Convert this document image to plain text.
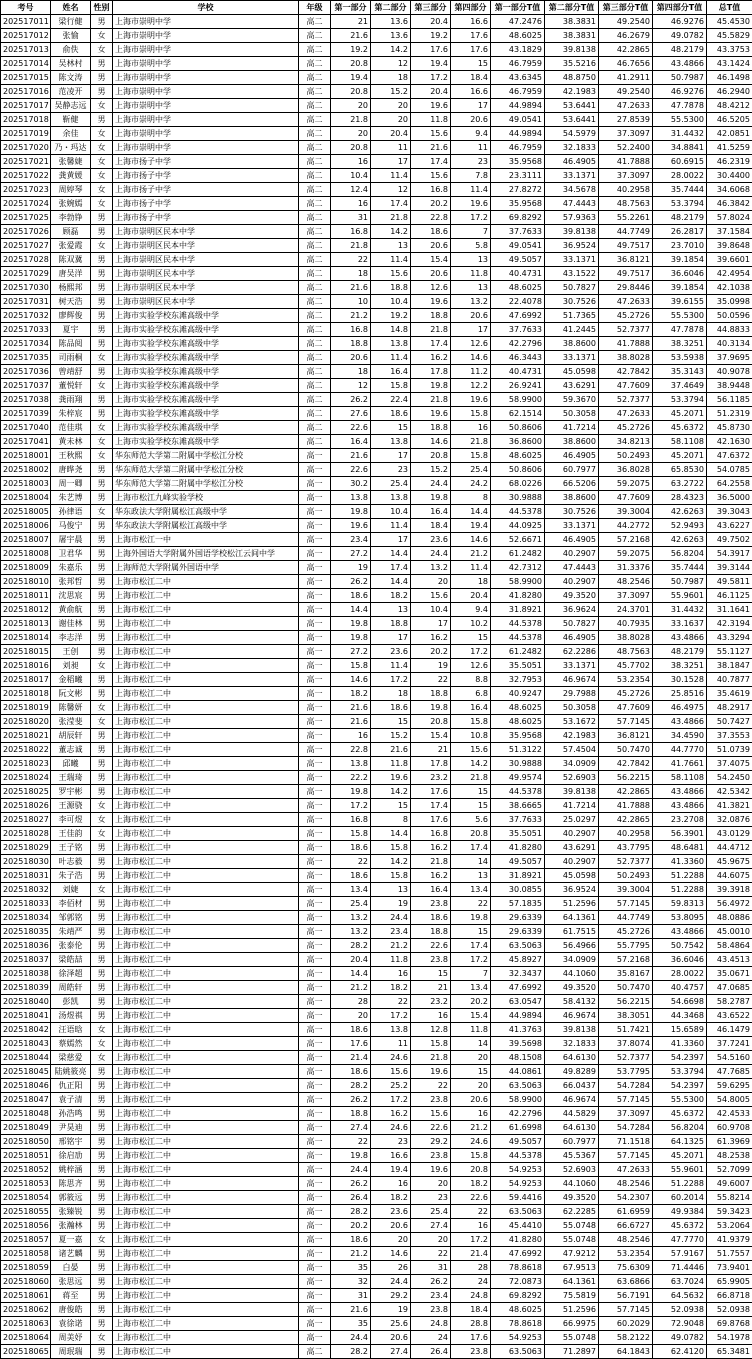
考号	姓名	性别	学校	年级	第一部分	第二部分	第三部分	第四部分	第一部分T值	第二部分T值	第三部分T值	第四部分T值	总T值
202517011	梁行健	男	上海市崇明中学	高二	21	13.6	20.4	16.6	47.2476	38.3831	49.2540	46.9276	45.4530
202517012	张愉	女	上海市崇明中学	高二	21.6	13.6	19.2	17.6	48.6025	38.3831	46.2679	49.0782	45.5829
202517013	俞佚	女	上海市崇明中学	高二	19.2	14.2	17.6	17.6	43.1829	39.8138	42.2865	48.2179	43.3753
202517014	吴林村	男	上海市崇明中学	高二	20.8	12	19.4	15	46.7959	35.5216	46.7656	43.4866	43.1424
202517015	陈文涛	男	上海市崇明中学	高二	19.4	18	17.2	18.4	43.6345	48.8750	41.2911	50.7987	46.1498
202517016	范凌开	男	上海市崇明中学	高二	20.8	15.2	20.4	16.6	46.7959	42.1983	49.2540	46.9276	46.2940
202517017	吴静志远	女	上海市崇明中学	高二	20	20	19.6	17	44.9894	53.6441	47.2633	47.7878	48.4212
202517018	靳健	男	上海市崇明中学	高二	21.8	20	11.8	20.6	49.0541	53.6441	27.8539	55.5300	46.5205
202517019	余佳	女	上海市崇明中学	高二	20	20.4	15.6	9.4	44.9894	54.5979	37.3097	31.4432	42.0851
202517020	乃・玛达	女	上海市崇明中学	高二	20.8	11	21.6	11	46.7959	32.1833	52.2400	34.8841	41.5259
202517021	张馨婕	女	上海市扬子中学	高二	16	17	17.4	23	35.9568	46.4905	41.7888	60.6915	46.2319
202517022	龚黄媛	女	上海市扬子中学	高二	10.4	11.4	15.6	7.8	23.3111	33.1371	37.3097	28.0022	30.4400
202517023	周婷琴	女	上海市扬子中学	高二	12.4	12	16.8	11.4	27.8272	34.5678	40.2958	35.7444	34.6068
202517024	张婉嫣	女	上海市扬子中学	高二	16	17.4	20.2	19.6	35.9568	47.4443	48.7563	53.3794	46.3842
202517025	李勃铮	男	上海市扬子中学	高二	31	21.8	22.8	17.2	69.8292	57.9363	55.2261	48.2179	57.8024
202517026	顾磊	男	上海市崇明区民本中学	高二	16.8	14.2	18.6	7	37.7633	39.8138	44.7749	26.2817	37.1584
202517027	张爱霞	女	上海市崇明区民本中学	高二	21.8	13	20.6	5.8	49.0541	36.9524	49.7517	23.7010	39.8648
202517028	陈双冀	男	上海市崇明区民本中学	高二	22	11.4	15.4	13	49.5057	33.1371	36.8121	39.1854	39.6601
202517029	唐吴洋	男	上海市崇明区民本中学	高二	18	15.6	20.6	11.8	40.4731	43.1522	49.7517	36.6046	42.4954
202517030	杨熙邦	男	上海市崇明区民本中学	高二	21.6	18.8	12.6	13	48.6025	50.7827	29.8446	39.1854	42.1038
202517031	树天浩	男	上海市崇明区民本中学	高二	10	10.4	19.6	13.2	22.4078	30.7526	47.2633	39.6155	35.0998
202517032	廖辉俊	男	上海市实验学校东滩高级中学	高二	21.2	19.2	18.8	20.6	47.6992	51.7365	45.2726	55.5300	50.0596
202517033	夏宇	男	上海市实验学校东滩高级中学	高二	16.8	14.8	21.8	17	37.7633	41.2445	52.7377	47.7878	44.8833
202517034	陈品阅	男	上海市实验学校东滩高级中学	高二	18.8	13.8	17.4	12.6	42.2796	38.8600	41.7888	38.3251	40.3134
202517035	司雨桐	女	上海市实验学校东滩高级中学	高二	20.6	11.4	16.2	14.6	46.3443	33.1371	38.8028	53.5938	37.9695
202517036	曾靖舒	男	上海市实验学校东滩高级中学	高二	18	16.4	17.8	11.2	40.4731	45.0598	42.7842	35.3143	40.9078
202517037	董悦轩	女	上海市实验学校东滩高级中学	高二	12	15.8	19.8	12.2	26.9241	43.6291	47.7609	37.4649	38.9448
202517038	龚雨翔	男	上海市实验学校东滩高级中学	高二	26.2	22.4	21.8	19.6	58.9900	59.3670	52.7377	53.3794	56.1185
202517039	朱梓宸	男	上海市实验学校东滩高级中学	高二	27.6	18.6	19.6	15.8	62.1514	50.3058	47.2633	45.2071	51.2319
202517040	范佳琪	女	上海市实验学校东滩高级中学	高二	22.6	15	18.8	16	50.8606	41.7214	45.2726	45.6372	45.8730
202517041	黄未林	女	上海市实验学校东滩高级中学	高二	16.4	13.8	14.6	21.8	36.8600	38.8600	34.8213	58.1108	42.1630
202518001	王秋熙	女	华东师范大学第二附属中学松江分校	高一	21.6	17	20.8	15.8	48.6025	46.4905	50.2493	45.2071	47.6372
202518002	唐晔尧	男	华东师范大学第二附属中学松江分校	高一	22.6	23	15.2	25.4	50.8606	60.7977	36.8028	65.8530	54.0785
202518003	周一卿	男	华东师范大学第二附属中学松江分校	高一	30.2	25.4	24.4	24.2	68.0226	66.5206	59.2075	63.2722	64.2558
202518004	朱艺博	男	上海市松江九峰实验学校	高一	13.8	13.8	19.8	8	30.9888	38.8600	47.7609	28.4323	36.5000
202518005	孙律语	女	华东政法大学附属松江高级中学	高一	19.8	10.4	16.4	14.4	44.5378	30.7526	39.3004	42.6263	39.3043
202518006	马俊宁	男	华东政法大学附属松江高级中学	高一	19.6	11.4	18.4	19.4	44.0925	33.1371	44.2772	52.9493	43.6227
202518007	屠宇晨	男	上海市松江一中	高一	23.4	17	23.6	14.6	52.6671	46.4905	57.2168	42.6263	49.7502
202518008	卫君华	男	上海外国语大学附属外国语学校松江云间中学	高一	27.2	14.4	24.4	21.2	61.2482	40.2907	59.2075	56.8204	54.3917
202518009	朱嘉乐	男	上海师范大学附属外国语中学	高一	19	17.4	13.2	11.4	42.7312	47.4443	31.3376	35.7444	39.3144
202518010	张邦哲	男	上海市松江二中	高一	26.2	14.4	20	18	58.9900	40.2907	48.2546	50.7987	49.5811
202518011	沈思宸	男	上海市松江二中	高一	18.6	18.2	15.6	20.4	41.8280	49.3520	37.3097	55.9601	46.1125
202518012	黄俞航	男	上海市松江二中	高一	14.4	13	10.4	9.4	31.8921	36.9624	24.3701	31.4432	31.1641
202518013	谢佳林	男	上海市松江二中	高一	19.8	18.8	17	10.2	44.5378	50.7827	40.7935	33.1637	42.3194
202518014	李志洋	男	上海市松江二中	高一	19.8	17	16.2	15	44.5378	46.4905	38.8028	43.4866	43.3294
202518015	王创	男	上海市松江二中	高一	27.2	23.6	20.2	17.2	61.2482	62.2286	48.7563	48.2179	55.1127
202518016	刘昶	女	上海市松江二中	高一	15.8	11.4	19	12.6	35.5051	33.1371	45.7702	38.3251	38.1847
202518017	金稻曦	男	上海市松江二中	高一	14.6	17.2	22	8.8	32.7953	46.9674	53.2354	30.1528	40.7877
202518018	阮文彬	男	上海市松江二中	高一	18.2	18	18.8	6.8	40.9247	29.7988	45.2726	25.8516	35.4619
202518019	陈馨妍	女	上海市松江二中	高一	21.6	18.6	19.8	16.4	48.6025	50.3058	47.7609	46.4975	48.2917
202518020	张滢斐	女	上海市松江二中	高一	21.6	15	20.8	15.8	48.6025	53.1672	57.7145	43.4866	50.7427
202518021	胡辰轩	男	上海市松江二中	高一	16	15.2	15.4	10.8	35.9568	42.1983	36.8121	34.4590	37.3553
202518022	董志诚	男	上海市松江二中	高一	22.8	21.6	21	15.6	51.3122	57.4504	50.7470	44.7770	51.0739
202518023	邱曦	男	上海市松江二中	高一	13.8	11.8	17.8	14.2	30.9888	34.0909	42.7842	41.7661	37.4075
202518024	王瑞琦	男	上海市松江二中	高一	22.2	19.6	23.2	21.8	49.9574	52.6903	56.2215	58.1108	54.2450
202518025	罗宇彬	男	上海市松江二中	高一	19.8	14.2	17.6	15	44.5378	39.8138	42.2865	43.4866	42.5342
202518026	王源骁	女	上海市松江二中	高一	17.2	15	17.4	15	38.6665	41.7214	41.7888	43.4866	41.3821
202518027	李可煜	女	上海市松江二中	高一	16.8	8	17.6	5.6	37.7633	25.0297	42.2865	23.2708	32.0876
202518028	王佳韵	女	上海市松江二中	高一	15.8	14.4	16.8	20.8	35.5051	40.2907	40.2958	56.3901	43.0129
202518029	王子铭	男	上海市松江二中	高一	18.6	15.8	16.2	17.4	41.8280	43.6291	43.7795	48.6481	44.4712
202518030	叶志毅	男	上海市松江二中	高一	22	14.2	21.8	14	49.5057	40.2907	52.7377	41.3360	45.9675
202518031	朱子浩	男	上海市松江二中	高一	18.6	15.8	16.2	13	31.8921	45.0598	50.2493	51.2288	44.6075
202518032	刘婕	女	上海市松江二中	高一	13.4	13	16.4	13.4	30.0855	36.9524	39.3004	51.2288	39.3918
202518033	李佰材	男	上海市松江二中	高一	25.4	19	23.8	22	57.1835	51.2596	57.7145	59.8313	56.4972
202518034	邹郭铭	男	上海市松江二中	高一	13.2	24.4	18.6	19.8	29.6339	64.1361	44.7749	53.8095	48.0886
202518035	朱靖严	男	上海市松江二中	高一	13.2	23.4	18.8	15	29.6339	61.7515	45.2726	43.4866	45.0010
202518036	张泰伦	男	上海市松江二中	高一	28.2	21.2	22.6	17.4	63.5063	56.4966	55.7795	50.7542	58.4864
202518037	梁皓喆	男	上海市松江二中	高一	20.4	11.8	23.8	17.2	45.8927	34.0909	57.2168	36.6046	43.4513
202518038	徐泽超	男	上海市松江二中	高一	14.4	16	15	7	32.3437	44.1060	35.8167	28.0022	35.0671
202518039	周皓轩	男	上海市松江二中	高一	21.2	18.2	21	13.4	47.6992	49.3520	50.7470	40.4757	47.0685
202518040	彭凯	男	上海市松江二中	高一	28	22	23.2	20.2	63.0547	58.4132	56.2215	54.6698	58.2787
202518041	汤煜祺	男	上海市松江二中	高一	20	17.2	16	15.4	44.9894	46.9674	38.3051	44.3468	43.6522
202518042	汪语晗	女	上海市松江二中	高一	18.6	13.8	12.8	11.8	41.3763	39.8138	51.7421	15.6589	46.1479
202518043	蔡嫣然	女	上海市松江二中	高一	17.6	11	15.8	14	39.5698	32.1833	37.8074	41.3360	37.7241
202518044	梁慈爱	女	上海市松江二中	高一	21.4	24.6	21.8	20	48.1508	64.6130	52.7377	54.2397	54.5160
202518045	陆姚筱亮	男	上海市松江二中	高一	18.6	15.6	19.6	15	44.0861	49.8289	53.7795	53.3794	47.7685
202518046	仇正阳	男	上海市松江二中	高一	28.2	25.2	22	20	63.5063	66.0437	54.7284	54.2397	59.6295
202518047	袁子清	男	上海市松江二中	高一	26.2	17.2	23.8	20.6	58.9900	46.9674	57.7145	55.5300	54.8005
202518048	孙浩鸣	男	上海市松江二中	高一	18.8	16.2	15.6	16	42.2796	44.5829	37.3097	45.6372	42.4533
202518049	尹昊迪	男	上海市松江二中	高一	27.4	24.6	22.6	21.2	61.6998	64.6130	54.7284	56.8204	60.9708
202518050	邢铭宇	男	上海市松江二中	高一	22	23	29.2	24.6	49.5057	60.7977	71.1518	64.1325	61.3969
202518051	徐启劢	男	上海市松江二中	高一	19.8	16.6	23.8	15.8	44.5378	45.5367	57.7145	45.2071	48.2538
202518052	姚梓涵	男	上海市松江二中	高一	24.4	19.4	19.6	20.8	54.9253	52.6903	47.2633	55.9601	52.7099
202518053	陈思齐	男	上海市松江二中	高一	26.2	16	20	18.2	54.9253	44.1060	48.2546	51.2288	49.6007
202518054	郭筱远	男	上海市松江二中	高一	26.4	18.2	23	22.6	59.4416	49.3520	54.2307	60.2014	55.8214
202518055	张臻锐	男	上海市松江二中	高一	28.2	23.6	25.4	22	63.5063	62.2285	61.6959	49.9384	59.3423
202518056	张瀚林	男	上海市松江二中	高一	20.2	20.6	27.4	16	45.4410	55.0748	66.6727	45.6372	53.2064
202518057	夏一嘉	女	上海市松江二中	高一	18.6	20	20	17.2	41.8280	55.0748	48.2546	47.7770	41.9379
202518058	诸艺麟	男	上海市松江二中	高一	21.2	14.6	22	21.4	47.6992	47.9212	53.2354	57.9167	51.7557
202518059	白晏	男	上海市松江二中	高一	35	26	31	28	78.8618	67.9513	75.6309	71.4446	73.9401
202518060	张思远	男	上海市松江二中	高一	32	24.4	26.2	24	72.0873	64.1361	63.6866	63.7024	65.9905
202518061	蒋至	男	上海市松江二中	高一	31	29.2	23.4	24.8	69.8292	75.5819	56.7191	64.5632	66.8718
202518062	唐俊皓	男	上海市松江二中	高一	21.6	19	23.8	18.4	48.6025	51.2596	57.7145	52.0938	52.0938
202518063	袁徐诺	男	上海市松江二中	高一	35	25.6	24.8	28.8	78.8618	66.9975	60.2029	72.9048	69.8768
202518064	周美妤	女	上海市松江二中	高一	24.4	20.6	24	17.6	54.9253	55.0748	58.2122	49.0782	54.1978
202518065	周珉瑞	男	上海市松江二中	高二	28.2	27.4	26.4	23.8	63.5063	71.2897	64.1843	62.4120	65.3481
